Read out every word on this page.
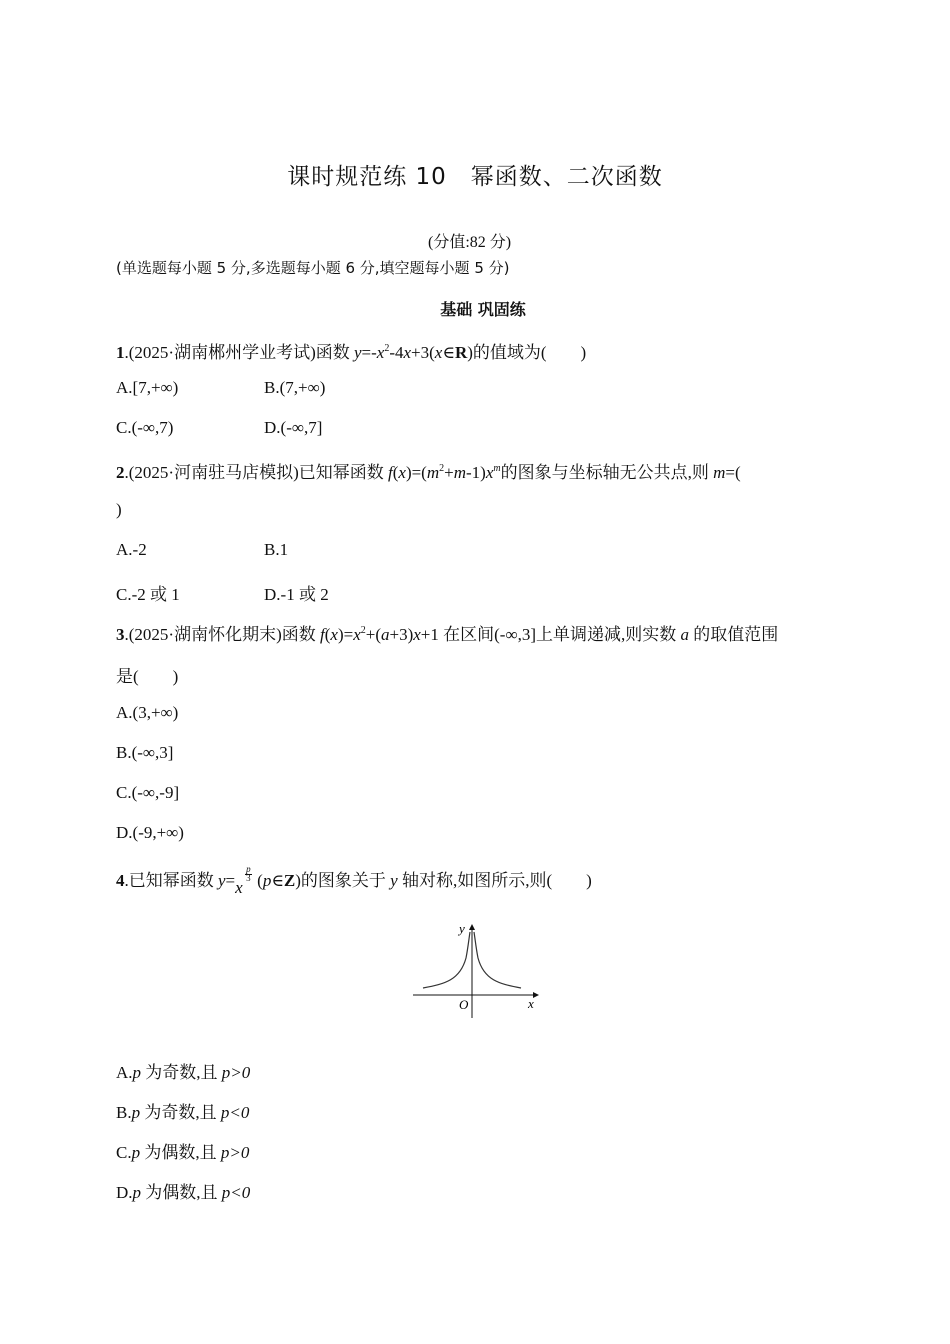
课时规范练 10　幂函数、二次函数
(分值:82 分)
(单选题每小题 5 分,多选题每小题 6 分,填空题每小题 5 分)
基础 巩固练
1.(2025·湖南郴州学业考试)函数 $y=-x^2-4x+3(x\in R)$的值域为(　　)
A.[7,+∞)	B.(7,+∞)
C.(-∞,7)	D.(-∞,7]
2.(2025·河南驻马店模拟)已知幂函数 $f(x)=(m^2+m-1)x^m$的图象与坐标轴无公共点,则 m=(
)
A.-2	B.1
C.-2 或 1	D.-1 或 2
3.(2025·湖南怀化期末)函数 $f(x)=x^2+(a+3)x+1$ 在区间(-∞,3]上单调递减,则实数 a 的取值范围
是(　　)
A.(3,+∞)
B.(-∞,3]
C.(-∞,-9]
D.(-9,+∞)
4.已知幂函数 y= x
p
3 (p∈Z)的图象关于 y 轴对称,如图所示,则(　　)
y
x
O
A.p 为奇数,且 p>0
B.p 为奇数,且 p<0
C.p 为偶数,且 p>0
D.p 为偶数,且 p<0
